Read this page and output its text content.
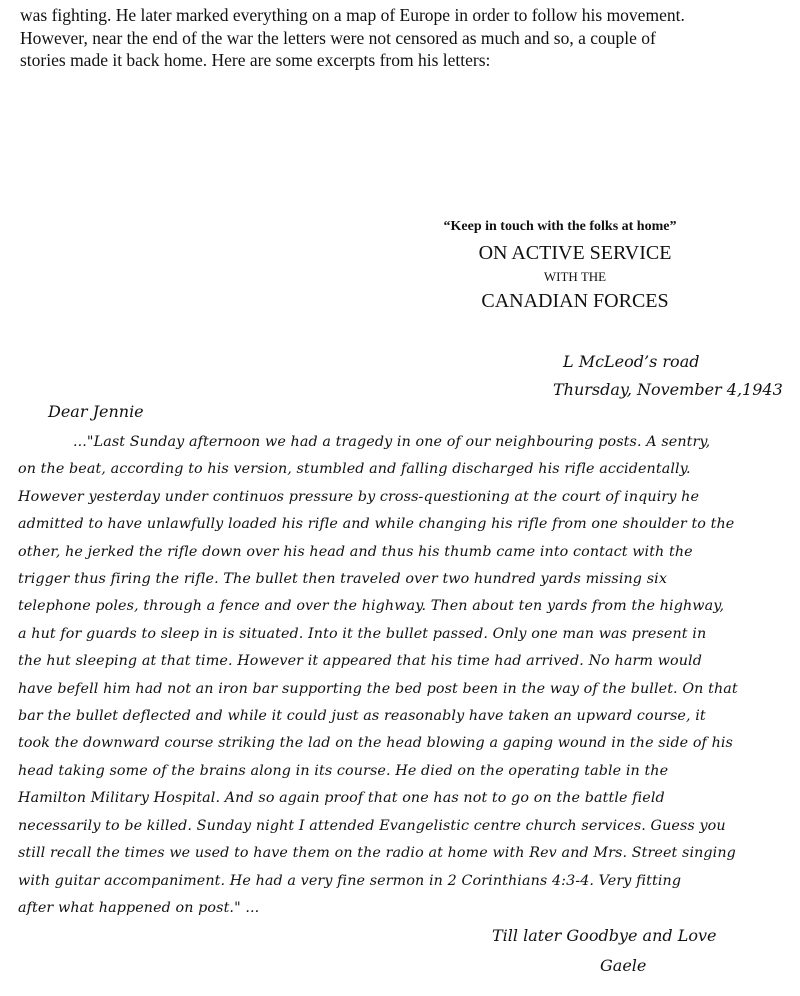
was fighting. He later marked everything on a map of Europe in order to follow his movement.
However, near the end of the war the letters were not censored as much and so, a couple of
stories made it back home. Here are some excerpts from his letters:
“Keep in touch with the folks at home”
ON ACTIVE SERVICE
WITH THE
CANADIAN FORCES
L McLeod’s road
Thursday, November 4,1943
Dear Jennie
..."Last Sunday afternoon we had a tragedy in one of our neighbouring posts. A sentry,
on the beat, according to his version, stumbled and falling discharged his rifle accidentally.
However yesterday under continuos pressure by cross-questioning at the court of inquiry he
admitted to have unlawfully loaded his rifle and while changing his rifle from one shoulder to the
other, he jerked the rifle down over his head and thus his thumb came into contact with the
trigger thus firing the rifle. The bullet then traveled over two hundred yards missing six
telephone poles, through a fence and over the highway. Then about ten yards from the highway,
a hut for guards to sleep in is situated. Into it the bullet passed. Only one man was present in
the hut sleeping at that time. However it appeared that his time had arrived. No harm would
have befell him had not an iron bar supporting the bed post been in the way of the bullet. On that
bar the bullet deflected and while it could just as reasonably have taken an upward course, it
took the downward course striking the lad on the head blowing a gaping wound in the side of his
head taking some of the brains along in its course. He died on the operating table in the
Hamilton Military Hospital. And so again proof that one has not to go on the battle field
necessarily to be killed. Sunday night I attended Evangelistic centre church services. Guess you
still recall the times we used to have them on the radio at home with Rev and Mrs. Street singing
with guitar accompaniment. He had a very fine sermon in 2 Corinthians 4:3-4. Very fitting
after what happened on post." ...
Till later Goodbye and Love
Gaele
